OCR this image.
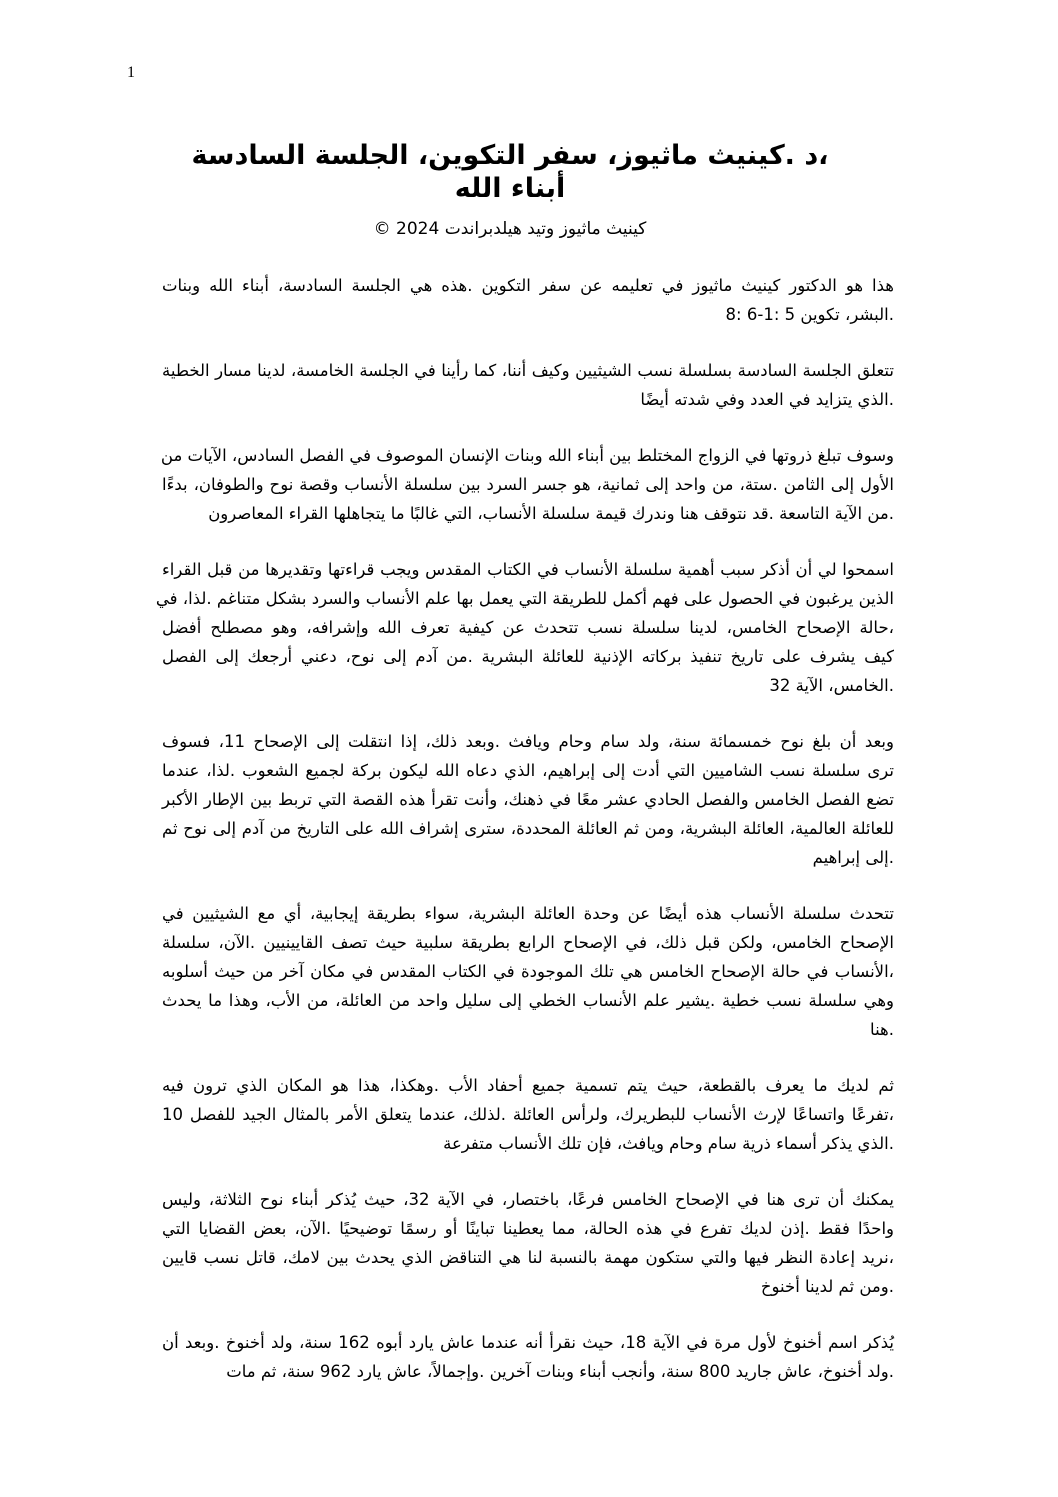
1
،د .كينيث ماثيوز، سفر التكوين، الجلسة السادسة
أبناء الله
كينيث ماثيوز وتيد هيلدبراندت 2024 ©
هذا هو الدكتور كينيث ماثيوز في تعليمه عن سفر التكوين .هذه هي الجلسة السادسة، أبناء الله وبنات
.البشر، تكوين 5 :1-6 :8
تتعلق الجلسة السادسة بسلسلة نسب الشيثيين وكيف أننا، كما رأينا في الجلسة الخامسة، لدينا مسار الخطية
.الذي يتزايد في العدد وفي شدته أيضًا
وسوف تبلغ ذروتها في الزواج المختلط بين أبناء الله وبنات الإنسان الموصوف في الفصل السادس، الآيات من
الأول إلى الثامن .ستة، من واحد إلى ثمانية، هو جسر السرد بين سلسلة الأنساب وقصة نوح والطوفان، بدءًا
.من الآية التاسعة .قد نتوقف هنا وندرك قيمة سلسلة الأنساب، التي غالبًا ما يتجاهلها القراء المعاصرون
اسمحوا لي أن أذكر سبب أهمية سلسلة الأنساب في الكتاب المقدس ويجب قراءتها وتقديرها من قبل القراء
الذين يرغبون في الحصول على فهم أكمل للطريقة التي يعمل بها علم الأنساب والسرد بشكل متناغم .لذا، في
،حالة الإصحاح الخامس، لدينا سلسلة نسب تتحدث عن كيفية تعرف الله وإشرافه، وهو مصطلح أفضل
كيف يشرف على تاريخ تنفيذ بركاته الإذنية للعائلة البشرية .من آدم إلى نوح، دعني أرجعك إلى الفصل
.الخامس، الآية 32
وبعد أن بلغ نوح خمسمائة سنة، ولد سام وحام ويافث .وبعد ذلك، إذا انتقلت إلى الإصحاح 11، فسوف
ترى سلسلة نسب الشاميين التي أدت إلى إبراهيم، الذي دعاه الله ليكون بركة لجميع الشعوب .لذا، عندما
تضع الفصل الخامس والفصل الحادي عشر معًا في ذهنك، وأنت تقرأ هذه القصة التي تربط بين الإطار الأكبر
للعائلة العالمية، العائلة البشرية، ومن ثم العائلة المحددة، سترى إشراف الله على التاريخ من آدم إلى نوح ثم
.إلى إبراهيم
تتحدث سلسلة الأنساب هذه أيضًا عن وحدة العائلة البشرية، سواء بطريقة إيجابية، أي مع الشيثيين في
الإصحاح الخامس، ولكن قبل ذلك، في الإصحاح الرابع بطريقة سلبية حيث تصف القايينيين .الآن، سلسلة
،الأنساب في حالة الإصحاح الخامس هي تلك الموجودة في الكتاب المقدس في مكان آخر من حيث أسلوبه
وهي سلسلة نسب خطية .يشير علم الأنساب الخطي إلى سليل واحد من العائلة، من الأب، وهذا ما يحدث
.هنا
ثم لديك ما يعرف بالقطعة، حيث يتم تسمية جميع أحفاد الأب .وهكذا، هذا هو المكان الذي ترون فيه
،تفرعًا واتساعًا لإرث الأنساب للبطريرك، ولرأس العائلة .لذلك، عندما يتعلق الأمر بالمثال الجيد للفصل 10
.الذي يذكر أسماء ذرية سام وحام ويافث، فإن تلك الأنساب متفرعة
يمكنك أن ترى هنا في الإصحاح الخامس فرعًا، باختصار، في الآية 32، حيث يُذكر أبناء نوح الثلاثة، وليس
واحدًا فقط .إذن لديك تفرع في هذه الحالة، مما يعطينا تباينًا أو رسمًا توضيحيًا .الآن، بعض القضايا التي
،نريد إعادة النظر فيها والتي ستكون مهمة بالنسبة لنا هي التناقض الذي يحدث بين لامك، قاتل نسب قايين
.ومن ثم لدينا أخنوخ
يُذكر اسم أخنوخ لأول مرة في الآية 18، حيث نقرأ أنه عندما عاش يارد أبوه 162 سنة، ولد أخنوخ .وبعد أن
.ولد أخنوخ، عاش جاريد 800 سنة، وأنجب أبناء وبنات آخرين .وإجمالاً، عاش يارد 962 سنة، ثم مات
